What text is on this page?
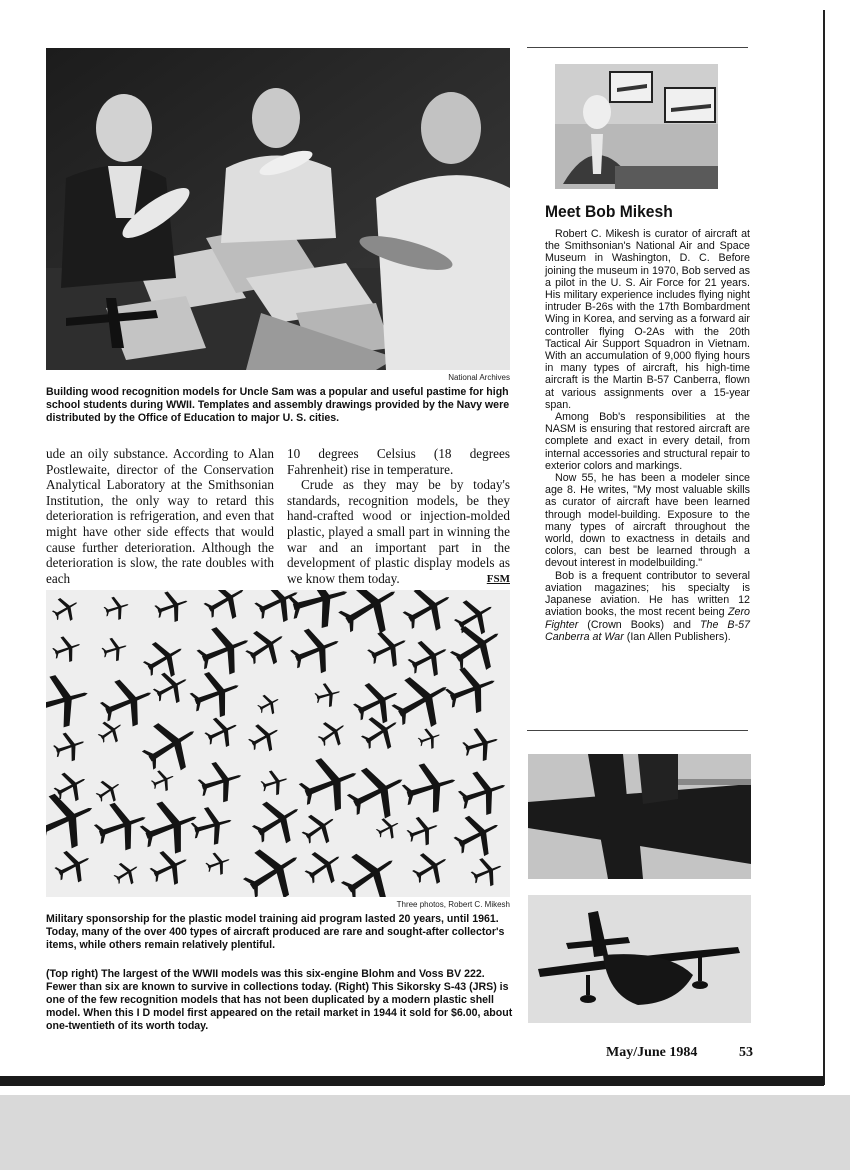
National Archives

Building wood recognition models for Uncle Sam was a popular and useful pastime for high school students during WWII. Templates and assembly drawings provided by the Navy were distributed by the Office of Education to major U. S. cities.

ude an oily substance. According to Alan Postlewaite, director of the Conservation Analytical Laboratory at the Smithsonian Institution, the only way to retard this deterioration is refrigeration, and even that might have other side effects that would cause further deterioration. Although the deterioration is slow, the rate doubles with each

10 degrees Celsius (18 degrees Fahrenheit) rise in temperature.

Crude as they may be by today's standards, recognition models, be they hand-crafted wood or injection-molded plastic, played a small part in winning the war and an important part in the development of plastic display models as we know them today.	FSM

Three photos, Robert C. Mikesh

Military sponsorship for the plastic model training aid program lasted 20 years, until 1961. Today, many of the over 400 types of aircraft produced are rare and sought-after collector's items, while others remain relatively plentiful.

(Top right) The largest of the WWII models was this six-engine Blohm and Voss BV 222. Fewer than six are known to survive in collections today. (Right) This Sikorsky S-43 (JRS) is one of the few recognition models that has not been duplicated by a modern plastic shell model. When this I D model first appeared on the retail market in 1944 it sold for $6.00, about one-twentieth of its worth today.

Meet Bob Mikesh

Robert C. Mikesh is curator of aircraft at the Smithsonian's National Air and Space Museum in Washington, D. C. Before joining the museum in 1970, Bob served as a pilot in the U. S. Air Force for 21 years. His military experience includes flying night intruder B-26s with the 17th Bombardment Wing in Korea, and serving as a forward air controller flying O-2As with the 20th Tactical Air Support Squadron in Vietnam. With an accumulation of 9,000 flying hours in many types of aircraft, his high-time aircraft is the Martin B-57 Canberra, flown at various assignments over a 15-year span.

Among Bob's responsibilities at the NASM is ensuring that restored aircraft are complete and exact in every detail, from internal accessories and structural repair to exterior colors and markings.

Now 55, he has been a modeler since age 8. He writes, "My most valuable skills as curator of aircraft have been learned through model-building. Exposure to the many types of aircraft throughout the world, down to exactness in details and colors, can best be learned through a devout interest in modelbuilding."

Bob is a frequent contributor to several aviation magazines; his specialty is Japanese aviation. He has written 12 aviation books, the most recent being Zero Fighter (Crown Books) and The B-57 Canberra at War (Ian Allen Publishers).

May/June 1984	53
